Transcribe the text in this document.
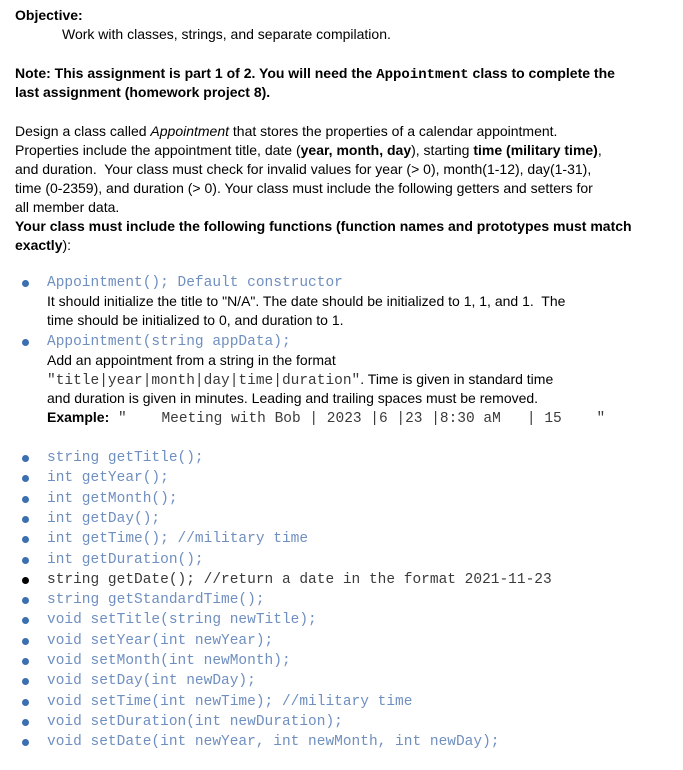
Objective:
Work with classes, strings, and separate compilation.
Note: This assignment is part 1 of 2. You will need the Appointment class to complete the
last assignment (homework project 8).
Design a class called Appointment that stores the properties of a calendar appointment.
Properties include the appointment title, date (year, month, day), starting time (military time),
and duration.  Your class must check for invalid values for year (> 0), month(1-12), day(1-31),
time (0-2359), and duration (> 0). Your class must include the following getters and setters for
all member data.
Your class must include the following functions (function names and prototypes must match
exactly):
Appointment(); Default constructor
It should initialize the title to "N/A". The date should be initialized to 1, 1, and 1.  The
time should be initialized to 0, and duration to 1.
Appointment(string appData);
Add an appointment from a string in the format
"title|year|month|day|time|duration". Time is given in standard time
and duration is given in minutes. Leading and trailing spaces must be removed.
Example: "    Meeting with Bob | 2023 |6 |23 |8:30 aM   | 15    "
string getTitle();
int getYear();
int getMonth();
int getDay();
int getTime(); //military time
int getDuration();
string getDate(); //return a date in the format 2021-11-23
string getStandardTime();
void setTitle(string newTitle);
void setYear(int newYear);
void setMonth(int newMonth);
void setDay(int newDay);
void setTime(int newTime); //military time
void setDuration(int newDuration);
void setDate(int newYear, int newMonth, int newDay);
